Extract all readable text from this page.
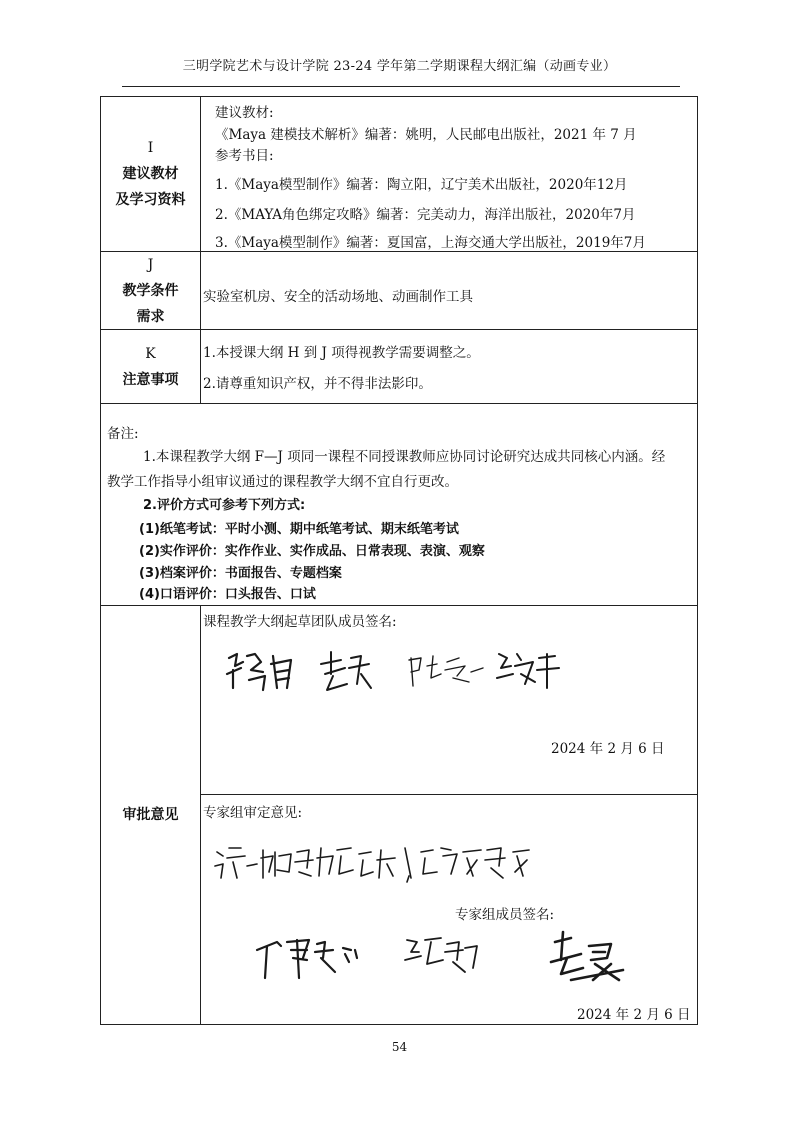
三明学院艺术与设计学院 23-24 学年第二学期课程大纲汇编（动画专业）
I
建议教材
及学习资料
建议教材:
《Maya 建模技术解析》编著：姚明，人民邮电出版社，2021 年 7 月
参考书目:
1.《Maya模型制作》编著：陶立阳，辽宁美术出版社，2020年12月
2.《MAYA角色绑定攻略》编著：完美动力，海洋出版社，2020年7月
3.《Maya模型制作》编著：夏国富，上海交通大学出版社，2019年7月
J
教学条件
需求
实验室机房、安全的活动场地、动画制作工具
K
注意事项
1.本授课大纲 H 到 J 项得视教学需要调整之。
2.请尊重知识产权，并不得非法影印。
备注:
1.本课程教学大纲 F—J 项同一课程不同授课教师应协同讨论研究达成共同核心内涵。经
教学工作指导小组审议通过的课程教学大纲不宜自行更改。
2.评价方式可参考下列方式:
(1)纸笔考试：平时小测、期中纸笔考试、期末纸笔考试
(2)实作评价：实作作业、实作成品、日常表现、表演、观察
(3)档案评价：书面报告、专题档案
(4)口语评价：口头报告、口试
审批意见
课程教学大纲起草团队成员签名:
2024 年 2 月 6 日
专家组审定意见:
专家组成员签名:
2024 年 2 月 6 日
54
